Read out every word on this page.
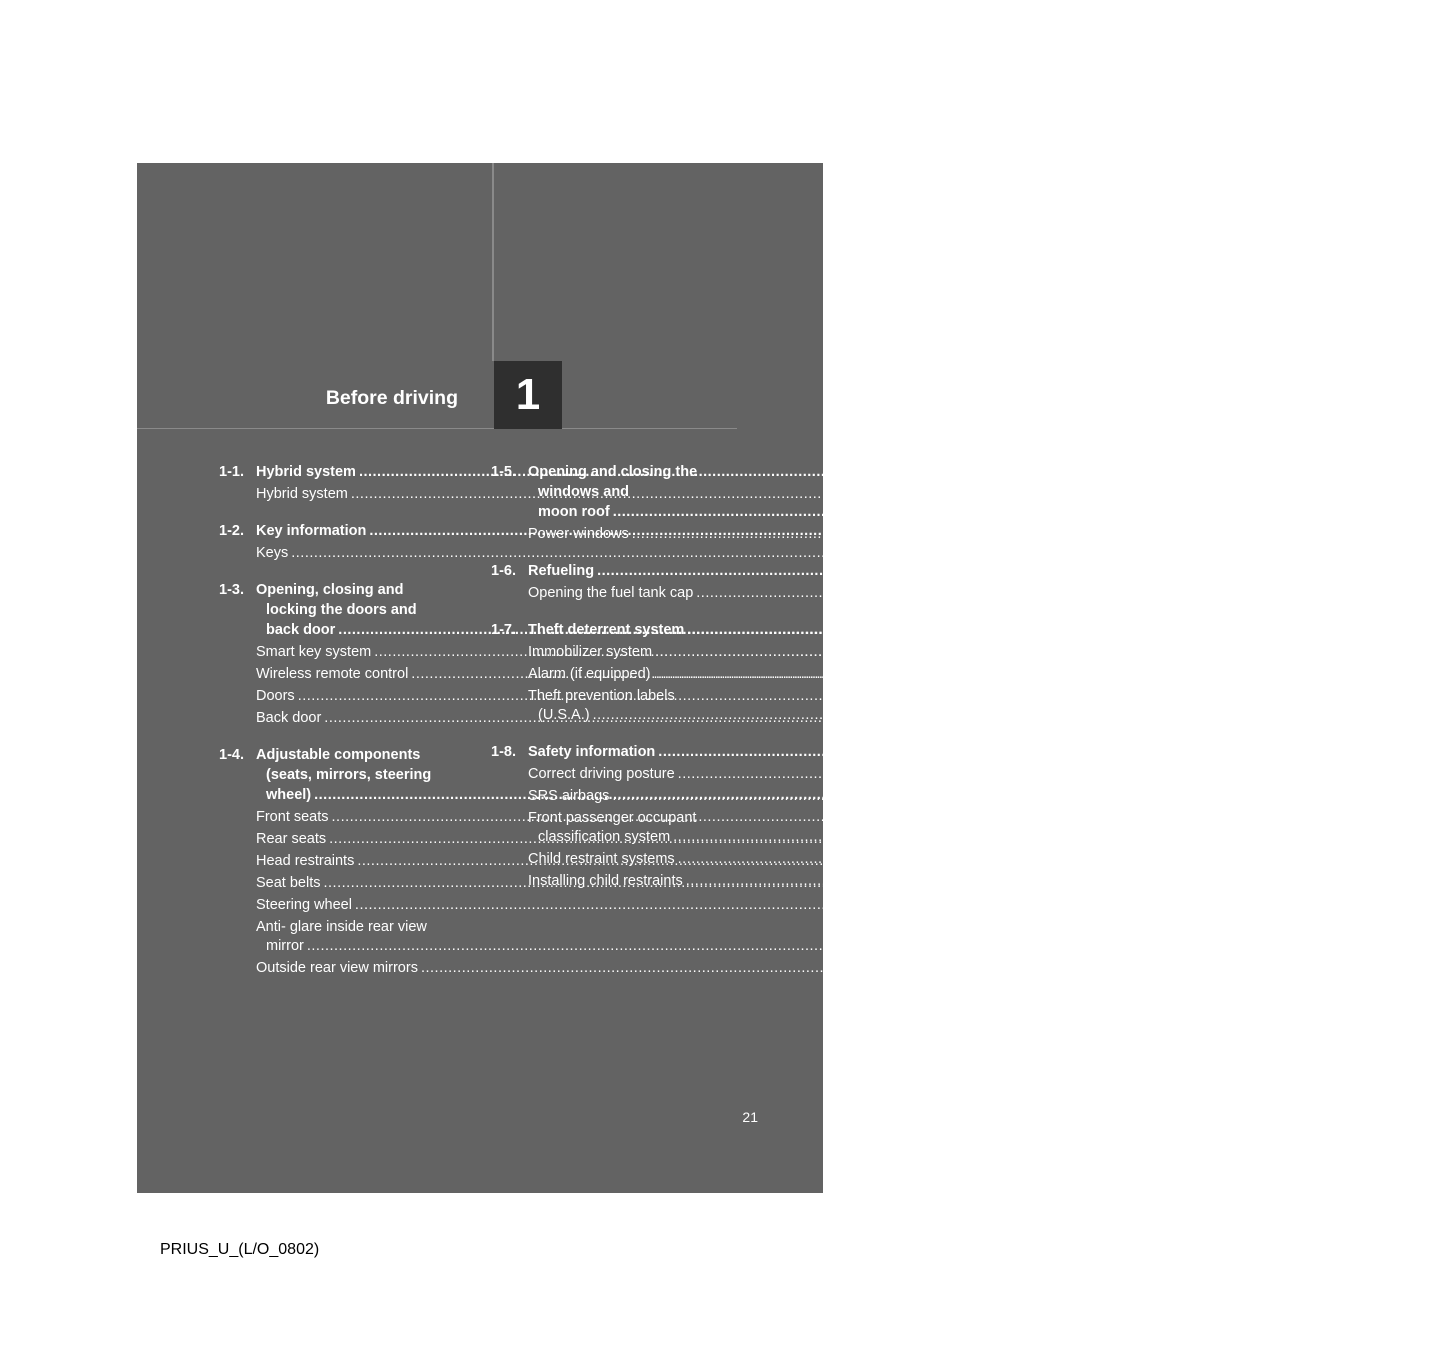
Before driving	1
1-1. Hybrid system .....	22
Hybrid system .....	22
1-2. Key information .....	34
Keys .....	34
1-3. Opening, closing and
locking the doors and
back door .....	36
Smart key system .....	36
Wireless remote control .....	49
Doors .....	51
Back door .....	54
1-4. Adjustable components
(seats, mirrors, steering
wheel) .....	57
Front seats .....	57
Rear seats .....	59
Head restraints .....	62
Seat belts .....	64
Steering wheel .....	70
Anti- glare inside rear view
mirror .....	71
Outside rear view mirrors .....	73
1-5. Opening and closing the
windows and
moon roof .....	75
Power windows .....	75
1-6. Refueling .....	78
Opening the fuel tank cap .....	78
1-7. Theft deterrent system .....	81
Immobilizer system .....	81
Alarm (if equipped) .....	84
Theft prevention labels
(U.S.A.) .....	86
1-8. Safety information .....	87
Correct driving posture .....	87
SRS airbags .....	89
Front passenger occupant
classification system .....	101
Child restraint systems .....	107
Installing child restraints .....	110
21
PRIUS_U_(L/O_0802)
